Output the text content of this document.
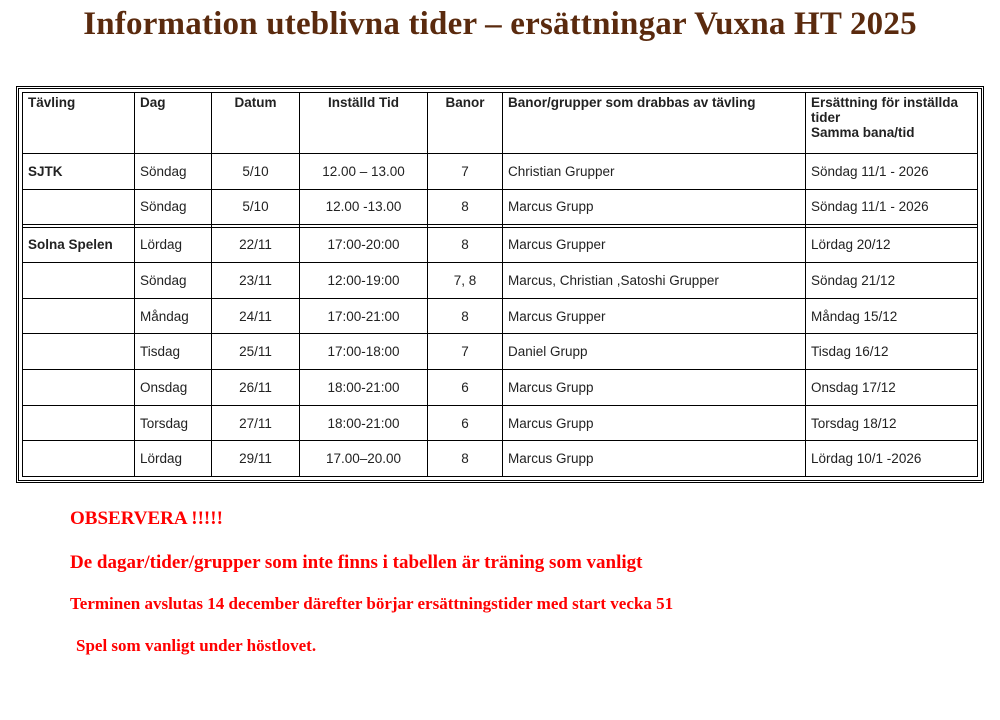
Information uteblivna tider – ersättningar Vuxna HT 2025
Tävling	Dag	Datum	Inställd Tid	Banor	Banor/grupper som drabbas av tävling	Ersättning för inställda tider
Samma bana/tid
SJTK	Söndag	5/10	12.00 – 13.00	7	Christian Grupper	Söndag 11/1 - 2026
	Söndag	5/10	12.00 -13.00	8	Marcus Grupp	Söndag 11/1 - 2026

Solna Spelen	Lördag	22/11	17:00-20:00	8	Marcus Grupper	Lördag 20/12
	Söndag	23/11	12:00-19:00	7, 8	Marcus, Christian ,Satoshi Grupper	Söndag 21/12
	Måndag	24/11	17:00-21:00	8	Marcus Grupper	Måndag 15/12
	Tisdag	25/11	17:00-18:00	7	Daniel Grupp	Tisdag 16/12
	Onsdag	26/11	18:00-21:00	6	Marcus Grupp	Onsdag 17/12
	Torsdag	27/11	18:00-21:00	6	Marcus Grupp	Torsdag 18/12
	Lördag	29/11	17.00–20.00	8	Marcus Grupp	Lördag 10/1 -2026

OBSERVERA !!!!!

De dagar/tider/grupper som inte finns i tabellen är träning som vanligt

Terminen avslutas 14 december därefter börjar ersättningstider med start vecka 51

Spel som vanligt under höstlovet.
